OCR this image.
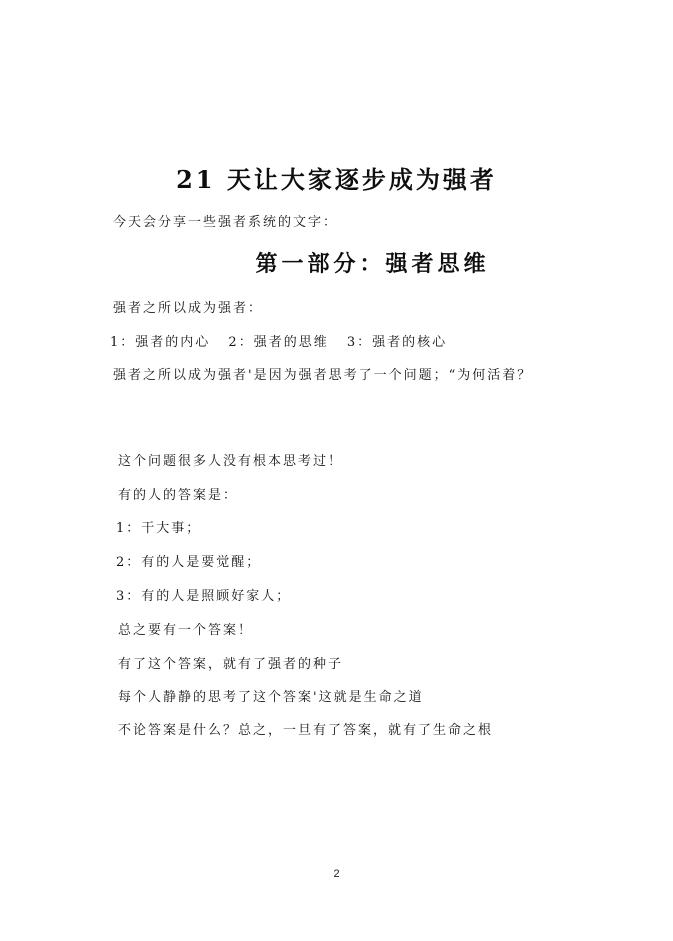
21 天让大家逐步成为强者
今天会分享一些强者系统的文字：
第一部分：强者思维
强者之所以成为强者：
1：强者的内心 2：强者的思维 3：强者的核心
强者之所以成为强者'是因为强者思考了一个问题；“为何活着？
这个问题很多人没有根本思考过！
有的人的答案是：
1：干大事；
2：有的人是要觉醒；
3：有的人是照顾好家人；
总之要有一个答案！
有了这个答案，就有了强者的种子
每个人静静的思考了这个答案'这就是生命之道
不论答案是什么？总之，一旦有了答案，就有了生命之根
2
